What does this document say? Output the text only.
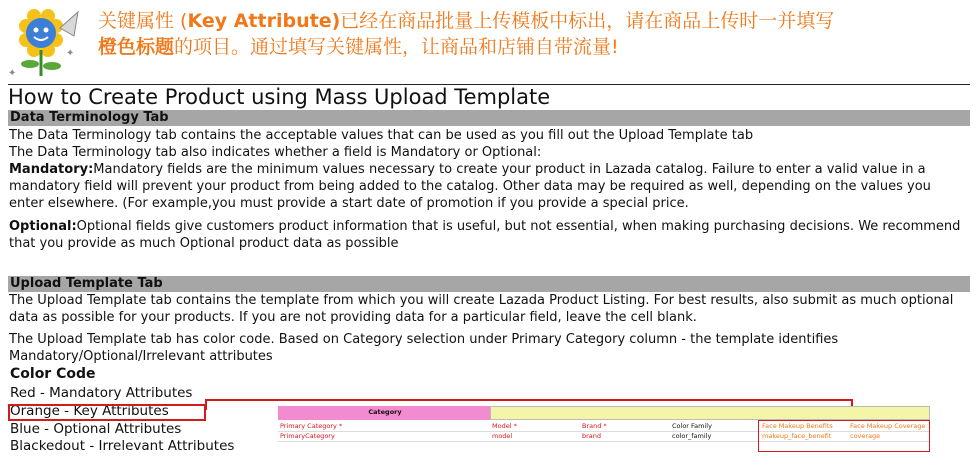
✦
✦
关键属性 (Key Attribute)已经在商品批量上传模板中标出，请在商品上传时一并填写
橙色标题的项目。通过填写关键属性，让商品和店铺自带流量!
How to Create Product using Mass Upload Template
Data Terminology Tab
The Data Terminology tab contains the acceptable values that can be used as you fill out the Upload Template tab
The Data Terminology tab also indicates whether a field is Mandatory or Optional:
Mandatory:Mandatory fields are the minimum values necessary to create your product in Lazada catalog. Failure to enter a valid value in a mandatory field will prevent your product from being added to the catalog. Other data may be required as well, depending on the values you enter elsewhere. (For example,you must provide a start date of promotion if you provide a special price.
Optional:Optional fields give customers product information that is useful, but not essential, when making purchasing decisions. We recommend that you provide as much Optional product data as possible
Upload Template Tab
The Upload Template tab contains the template from which you will create Lazada Product Listing. For best results, also submit as much optional data as possible for your products. If you are not providing data for a particular field, leave the cell blank.
The Upload Template tab has color code. Based on Category selection under Primary Category column - the template identifies Mandatory/Optional/Irrelevant attributes
Color Code
Red - Mandatory Attributes
Orange - Key Attributes
Blue - Optional Attributes
Blackedout - Irrelevant Attributes
Category
Primary Category *
PrimaryCategory
Model *
model
Brand *
brand
Color Family
color_family
Face Makeup Benefits
makeup_face_benefit
Face Makeup Coverage
coverage
